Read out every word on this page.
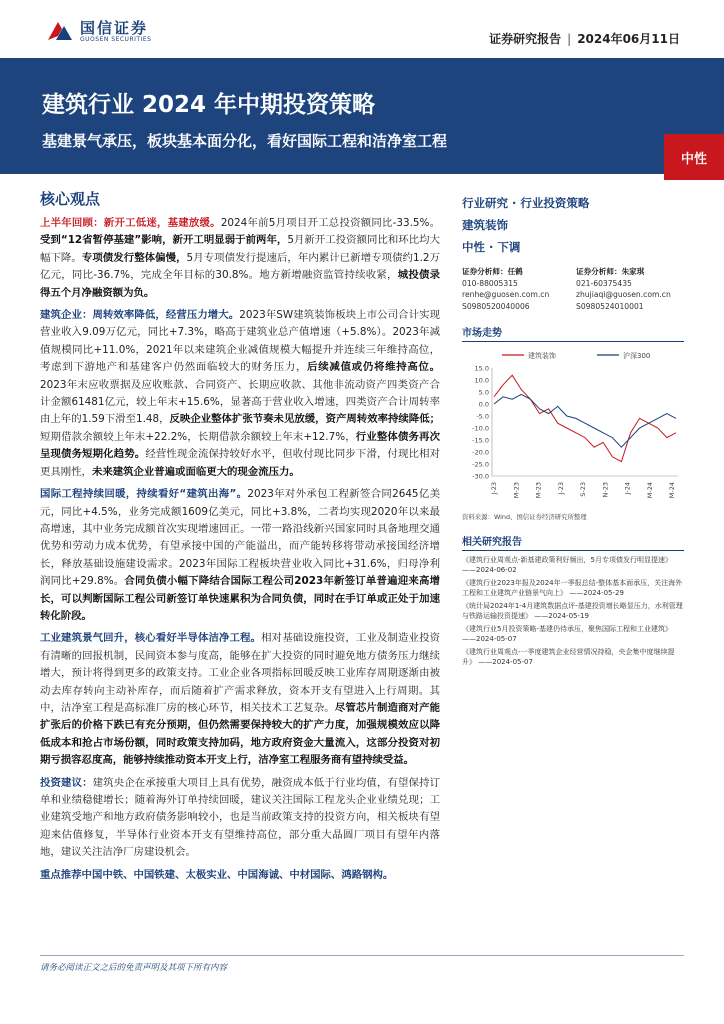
国信证券
GUOSEN SECURITIES	证券研究报告 | 2024年06月11日
建筑行业 2024 年中期投资策略
基建景气承压，板块基本面分化，看好国际工程和洁净室工程
中性
核心观点

上半年回顾：新开工低迷，基建放缓。2024年前5月项目开工总投资额同比-33.5%。受到“12省暂停基建”影响，新开工明显弱于前两年，5月新开工投资额同比和环比均大幅下降。专项债发行整体偏慢，5月专项债发行提速后，年内累计已新增专项债约1.2万亿元，同比-36.7%，完成全年目标的30.8%。地方新增融资监管持续收紧，城投债录得五个月净融资额为负。

建筑企业：周转效率降低，经营压力增大。2023年SW建筑装饰板块上市公司合计实现营业收入9.09万亿元，同比+7.3%，略高于建筑业总产值增速（+5.8%）。2023年减值规模同比+11.0%，2021年以来建筑企业减值规模大幅提升并连续三年维持高位，考虑到下游地产和基建客户仍然面临较大的财务压力，后续减值或仍将维持高位。2023年末应收票据及应收账款、合同资产、长期应收款、其他非流动资产四类资产合计金额61481亿元，较上年末+15.6%，显著高于营业收入增速，四类资产合计周转率由上年的1.59下滑至1.48，反映企业整体扩张节奏未见放缓，资产周转效率持续降低；短期借款余额较上年末+22.2%，长期借款余额较上年末+12.7%，行业整体债务再次呈现债务短期化趋势。经营性现金流保持较好水平，但收付现比同步下滑，付现比相对更具刚性，未来建筑企业普遍或面临更大的现金流压力。

国际工程持续回暖，持续看好“建筑出海”。2023年对外承包工程新签合同2645亿美元，同比+4.5%，业务完成额1609亿美元，同比+3.8%，二者均实现2020年以来最高增速，其中业务完成额首次实现增速回正。一带一路沿线新兴国家同时具备地理交通优势和劳动力成本优势，有望承接中国的产能溢出，而产能转移将带动承接国经济增长，释放基础设施建设需求。2023年国际工程板块营业收入同比+31.6%，归母净利润同比+29.8%。合同负债小幅下降结合国际工程公司2023年新签订单普遍迎来高增长，可以判断国际工程公司新签订单快速累积为合同负债，同时在手订单或正处于加速转化阶段。

工业建筑景气回升，核心看好半导体洁净工程。相对基础设施投资，工业及制造业投资有清晰的回报机制，民间资本参与度高，能够在扩大投资的同时避免地方债务压力继续增大，预计将得到更多的政策支持。工业企业各项指标回暖反映工业库存周期逐渐由被动去库存转向主动补库存，而后随着扩产需求释放，资本开支有望进入上行周期。其中，洁净室工程是高标准厂房的核心环节，相关技术工艺复杂。尽管芯片制造商对产能扩张后的价格下跌已有充分预期，但仍然需要保持较大的扩产力度，加强规模效应以降低成本和抢占市场份额，同时政策支持加码，地方政府资金大量流入，这部分投资对初期亏损容忍度高，能够持续推动资本开支上行，洁净室工程服务商有望持续受益。

投资建议：建筑央企在承接重大项目上具有优势，融资成本低于行业均值，有望保持订单和业绩稳健增长；随着海外订单持续回暖，建议关注国际工程龙头企业业绩兑现；工业建筑受地产和地方政府债务影响较小，也是当前政策支持的投资方向，相关板块有望迎来估值修复，半导体行业资本开支有望维持高位，部分重大晶圆厂项目有望年内落地，建议关注洁净厂房建设机会。

重点推荐中国中铁、中国铁建、太极实业、中国海诚、中材国际、鸿路钢构。
行业研究 · 行业投资策略
建筑装饰
中性 · 下调
证券分析师：任鹤
010-88005315
renhe@guosen.com.cn
S0980520040006
证券分析师：朱家琪
021-60375435
zhujiaqi@guosen.com.cn
S0980524010001
市场走势
建筑装饰	沪深300
15.0
10.0
5.0
0.0
-5.0
-10.0
-15.0
-20.0
-25.0
-30.0
J-23 M-23 M-23 J-23 S-23 N-23 J-24 M-24 M-24
资料来源：Wind、国信证券经济研究所整理
相关研究报告
《建筑行业周观点-新基建政策利好频出，5月专项债发行明显提速》 ——2024-06-02
《建筑行业2023年报及2024年一季报总结-整体基本面承压，关注海外工程和工业建筑产业链景气向上》 ——2024-05-29
《统计局2024年1-4月建筑数据点评-基建投资增长略显压力，水利管理与铁路运输投资提速》 ——2024-05-19
《建筑行业5月投资策略-基建仍待承压，聚焦国际工程和工业建筑》 ——2024-05-07
《建筑行业周观点-一季度建筑企业经营情况持稳，央企集中度继续提升》 ——2024-05-07
请务必阅读正文之后的免责声明及其项下所有内容
